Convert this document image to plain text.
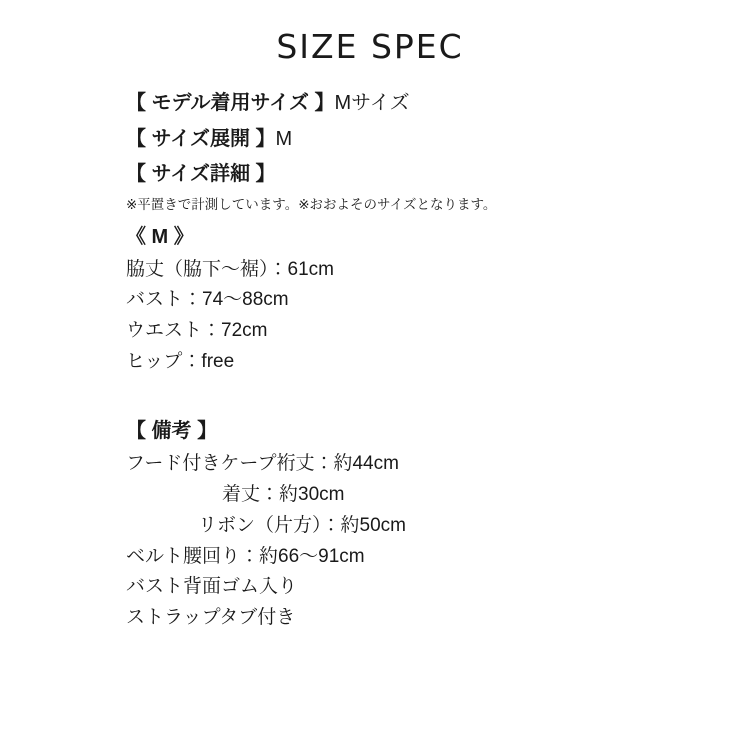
SIZE SPEC
【 モデル着用サイズ 】Mサイズ
【 サイズ展開 】M
【 サイズ詳細 】
※平置きで計測しています。※おおよそのサイズとなります。
《 M 》
脇丈（脇下〜裾）：61cm
バスト：74〜88cm
ウエスト：72cm
ヒップ：free
【 備考 】
フード付きケープ裄丈：約44cm
着丈：約30cm
リボン（片方）：約50cm
ベルト腰回り：約66〜91cm
バスト背面ゴム入り
ストラップタブ付き
